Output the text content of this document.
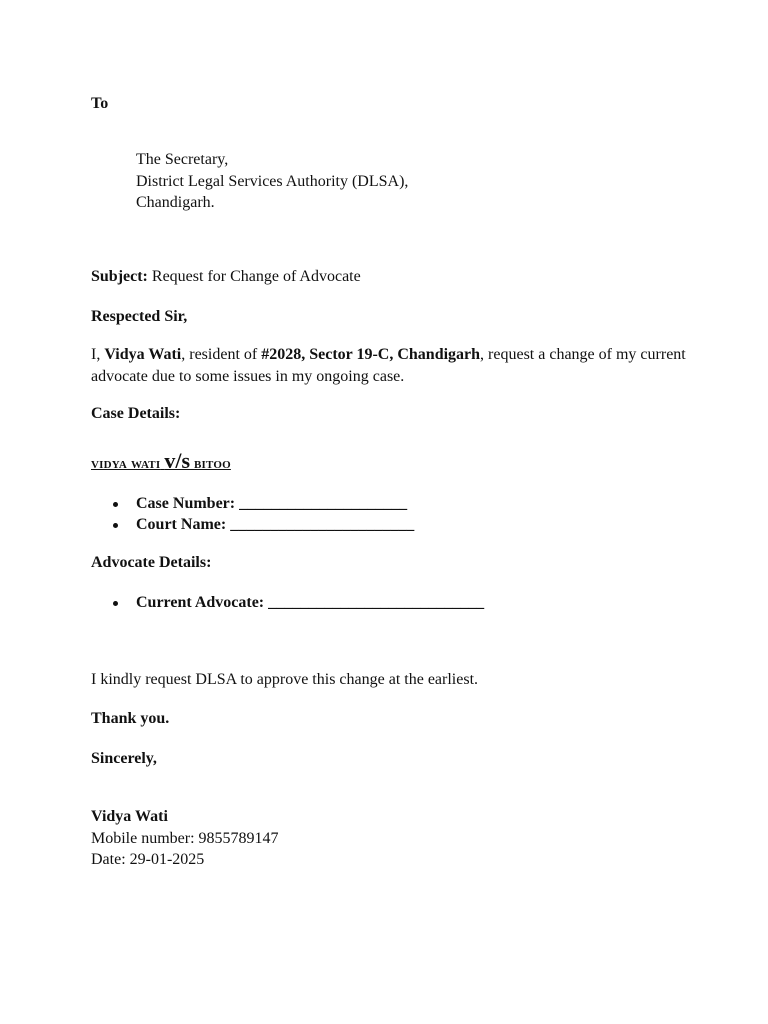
To
The Secretary,
District Legal Services Authority (DLSA),
Chandigarh.
Subject: Request for Change of Advocate
Respected Sir,
I, Vidya Wati, resident of #2028, Sector 19-C, Chandigarh, request a change of my current advocate due to some issues in my ongoing case.
Case Details:
vidya wati v/s bitoo
Case Number: _____________________
Court Name: _______________________
Advocate Details:
Current Advocate: ___________________________
I kindly request DLSA to approve this change at the earliest.
Thank you.
Sincerely,
Vidya Wati
Mobile number: 9855789147
Date: 29-01-2025
